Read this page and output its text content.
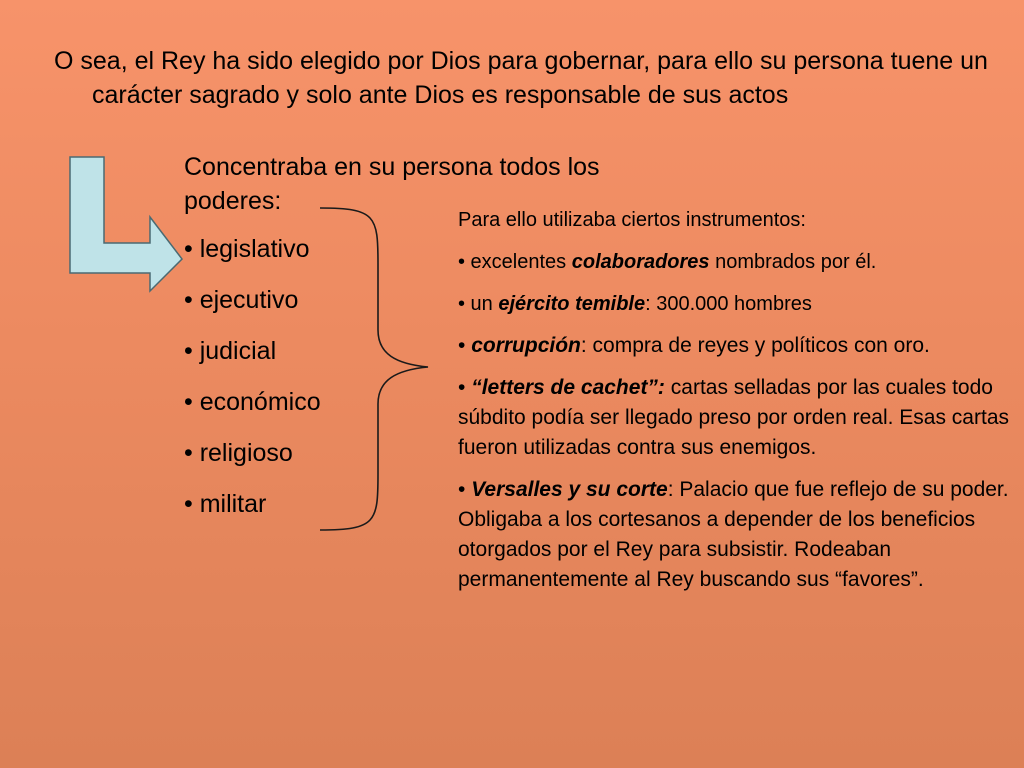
O sea, el Rey ha sido elegido por Dios para gobernar, para ello su persona tuene un carácter sagrado y solo ante Dios es responsable de sus actos

Concentraba en su persona todos los poderes:
• legislativo
• ejecutivo
• judicial
• económico
• religioso
• militar

Para ello utilizaba ciertos instrumentos:

• excelentes colaboradores nombrados por él.

• un ejército temible: 300.000 hombres

• corrupción: compra de reyes y políticos con oro.

• “letters de cachet”: cartas selladas por las cuales todo súbdito podía ser llegado preso por orden real. Esas cartas fueron utilizadas contra sus enemigos.

• Versalles y su corte: Palacio que fue reflejo de su poder. Obligaba a los cortesanos a depender de los beneficios otorgados por el Rey para subsistir. Rodeaban permanentemente al Rey buscando sus “favores”.
